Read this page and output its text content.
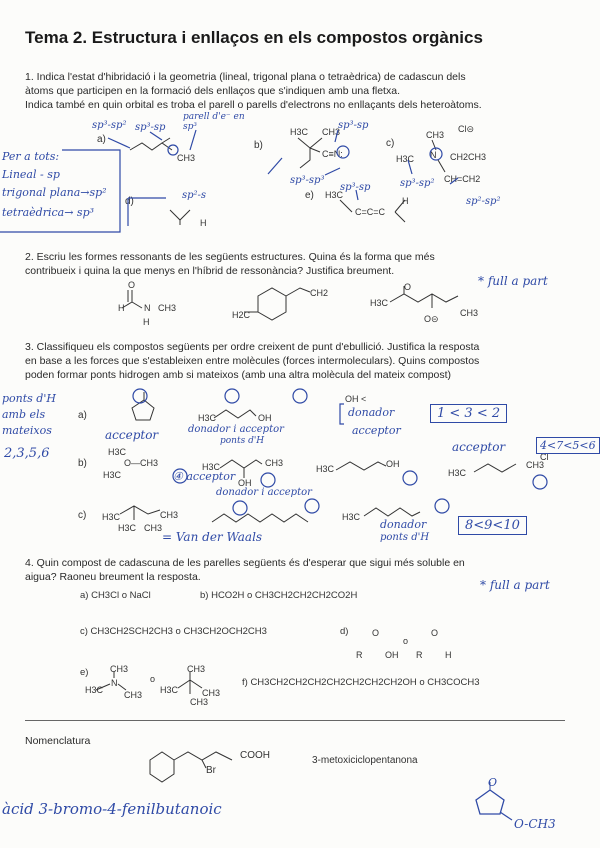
Tema 2. Estructura i enllaços en els compostos orgànics
1. Indica l'estat d'hibridació i la geometria (lineal, trigonal plana o tetraèdrica) de cadascun dels
àtoms que participen en la formació dels enllaços que s'indiquen amb una fletxa.
Indica també en quin orbital es troba el parell o parells d'electrons no enllaçants dels heteroàtoms.
a)
b)	c)
d)
e)
CH3
CH3
H3C
C≡N:
CH3
Cl⊝
H3C N CH2CH3
CH=CH2
H3C
C=C=C
H
H
sp³-sp² sp³-sp
parell d'e⁻ en sp³	sp³-sp
Per a tots:
Lineal - sp
trigonal plana→sp²
tetraèdrica→ sp³
sp²-s
sp³-sp³
sp²-sp²
sp³-sp²
sp³-sp
2. Escriu les formes ressonants de les següents estructures. Quina és la forma que més
contribueix i quina la que menys en l'híbrid de ressonància? Justifica breument.
* full a part
O
H N CH3
H
H2C
CH2
H3C
O
O⊝
CH3
3. Classifiqueu els compostos següents per ordre creixent de punt d'ebullició. Justifica la resposta
en base a les forces que s'estableixen entre molècules (forces intermoleculars). Quins compostos
poden formar ponts hidrogen amb si mateixos (amb una altra molècula del mateix compost)
a)
b)
c)
H3C	OH
OH <
H3C
O—CH3
H3C
H3C	CH3
OH
H3C	OH
H3C
CH3
Cl
H3C	CH3
H3C CH3
H3C
ponts d'H
amb els
mateixos
2,3,5,6
acceptor	donador i acceptor
ponts d'H
donador
acceptor
④ acceptor
donador i acceptor
acceptor
1 < 3 < 2
4<7<5<6
8<9<10
= Van der Waals
donador
ponts d'H
4. Quin compost de cadascuna de les parelles següents és d'esperar que sigui més soluble en
aigua? Raoneu breument la resposta.
* full a part
a) CH3Cl o NaCl	b) HCO2H o CH3CH2CH2CH2CO2H
c) CH3CH2SCH2CH3 o CH3CH2OCH2CH3	d)
e)
f) CH3CH2CH2CH2CH2CH2CH2CH2OH o CH3COCH3
O
R	OH
o
O
R	H
CH3
H3C
N
CH3
o
CH3
H3C	CH3
CH3
Nomenclatura
COOH
Br
3-metoxiciclopentanona
àcid 3-bromo-4-fenilbutanoic
O
O-CH3
